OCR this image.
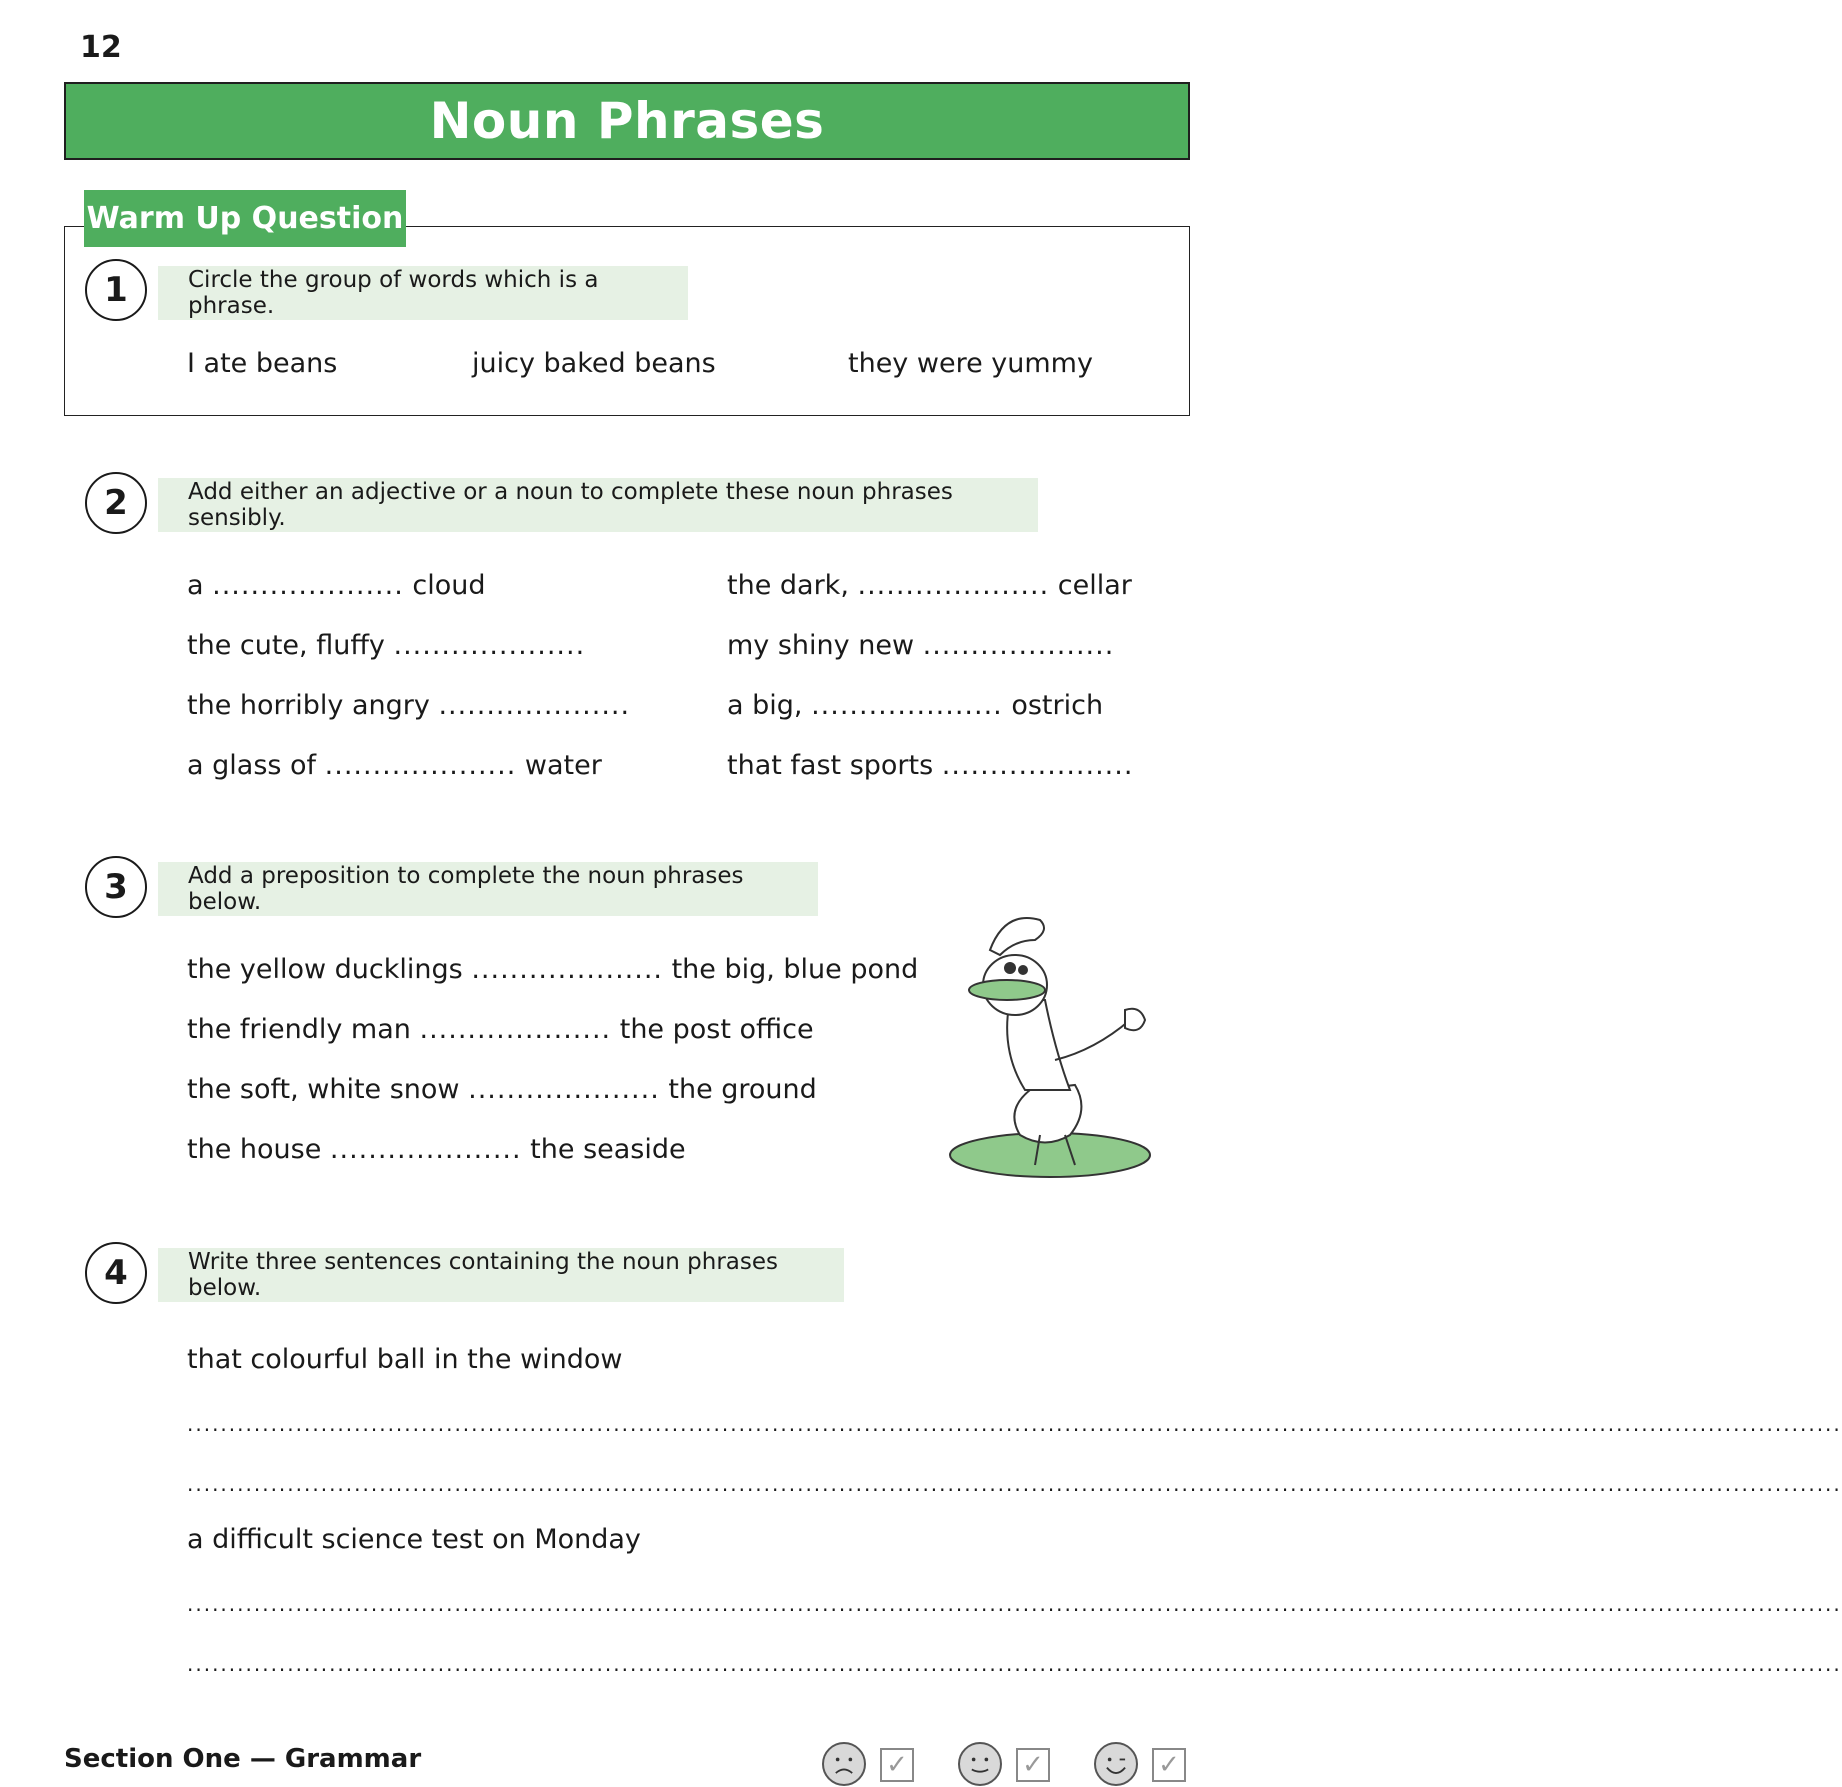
12
Noun Phrases
Warm Up Question
1	Circle the group of words which is a phrase.
I ate beans	juicy baked beans	they were yummy
2	Add either an adjective or a noun to complete these noun phrases sensibly.
a .................... cloud
the cute, fluffy ....................
the horribly angry ....................
a glass of .................... water
the dark, .................... cellar
my shiny new ....................
a big, .................... ostrich
that fast sports ....................
3	Add a preposition to complete the noun phrases below.
the yellow ducklings .................... the big, blue pond
the friendly man .................... the post office
the soft, white snow .................... the ground
the house .................... the seaside
4	Write three sentences containing the noun phrases below.
that colourful ball in the window
......................................................................................................................................................................................................
......................................................................................................................................................................................................
a difficult science test on Monday
......................................................................................................................................................................................................
......................................................................................................................................................................................................
Section One — Grammar	✓	✓	✓
